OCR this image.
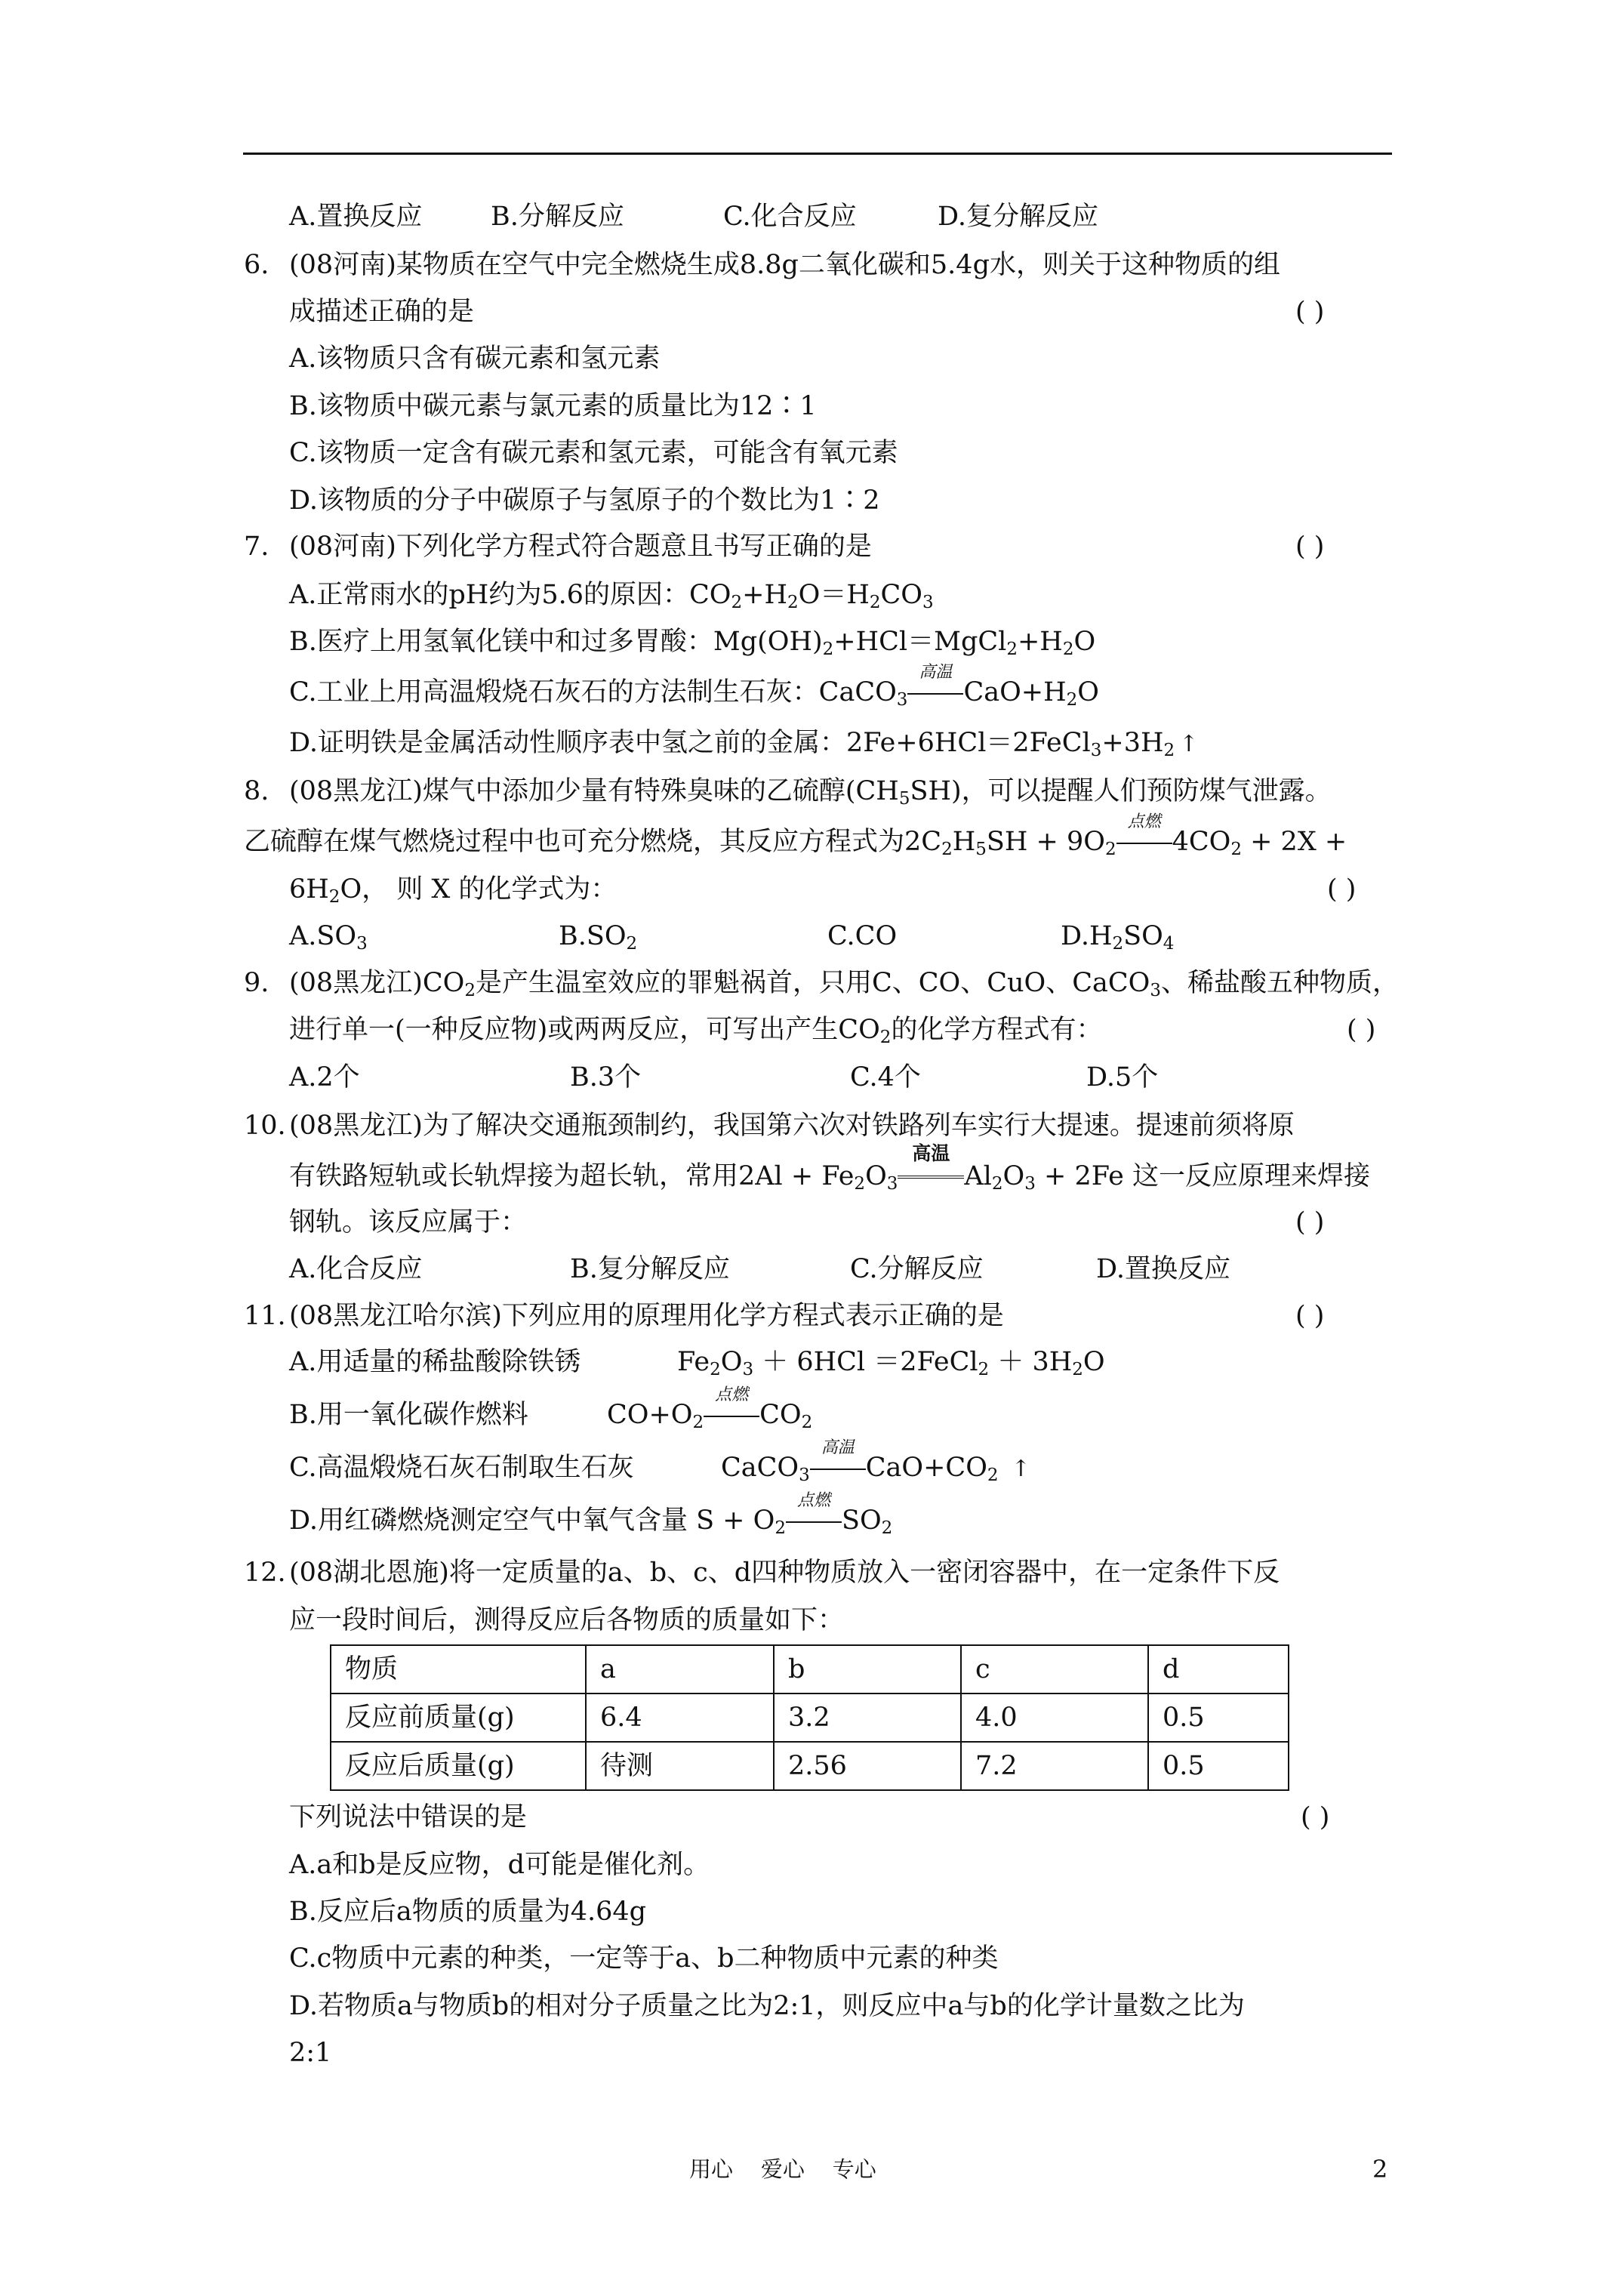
A.置换反应	B.分解反应	C.化合反应	D.复分解反应
6. (08河南)某物质在空气中完全燃烧生成8.8g二氧化碳和5.4g水，则关于这种物质的组
成描述正确的是	( )
A.该物质只含有碳元素和氢元素
B.该物质中碳元素与氯元素的质量比为12∶1
C.该物质一定含有碳元素和氢元素，可能含有氧元素
D.该物质的分子中碳原子与氢原子的个数比为1∶2
7. (08河南)下列化学方程式符合题意且书写正确的是	( )
A.正常雨水的pH约为5.6的原因：$CO_2+H_2O=H_2CO_3$
B.医疗上用氢氧化镁中和过多胃酸：$Mg(OH)_2+HCl=MgCl_2+H_2O$
C.工业上用高温煅烧石灰石的方法制生石灰：CaCO$_3$
高温
$CaO+H_2O$
D.证明铁是金属活动性顺序表中氢之前的金属：$2Fe+6HCl=2FeCl_3+3H_2$ ↑
8. (08黑龙江)煤气中添加少量有特殊臭味的乙硫醇$(CH_5SH)$，可以提醒人们预防煤气泄露。
乙硫醇在煤气燃烧过程中也可充分燃烧，其反应方程式为$2C_2H_5SH + 9O_2$
点燃
$4CO_2 + 2X$ +
$6H_2O$， 则 X 的化学式为：	( )
$A.SO_3$	$B.SO_2$	C.CO	$D.H_2SO_4$
9. (08黑龙江)$CO_2$是产生温室效应的罪魁祸首，只用C、CO、CuO、CaCO$_3$、稀盐酸五种物质，
进行单一(一种反应物)或两两反应，可写出产生$CO_2$的化学方程式有：	( )
A.2个	B.3个	C.4个	D.5个
10. (08黑龙江)为了解决交通瓶颈制约，我国第六次对铁路列车实行大提速。提速前须将原
有铁路短轨或长轨焊接为超长轨，常用$2Al + Fe_2O_3$
高温
$Al_2O_3 + 2Fe$ 这一反应原理来焊接
钢轨。该反应属于：	( )
A.化合反应	B.复分解反应	C.分解反应	D.置换反应
11. (08黑龙江哈尔滨)下列应用的原理用化学方程式表示正确的是	( )
A.用适量的稀盐酸除铁锈	$Fe_2O_3 + 6HCl$ ＝2FeCl$_2$ ＋ $3H_2O$
B.用一氧化碳作燃料	$CO+O_2$
点燃
$CO_2$
C.高温煅烧石灰石制取生石灰	CaCO$_3$
高温
$CaO+CO_2$ ↑
D.用红磷燃烧测定空气中氧气含量 $S + O_2$
点燃
$SO_2$
12. (08湖北恩施)将一定质量的a、b、c、d四种物质放入一密闭容器中，在一定条件下反
应一段时间后，测得反应后各物质的质量如下：
物质	a	b	c	d
反应前质量(g)	6.4	3.2	4.0	0.5
反应后质量(g)	待测	2.56	7.2	0.5
下列说法中错误的是	( )
A.a和b是反应物，d可能是催化剂。
B.反应后a物质的质量为4.64g
C.c物质中元素的种类，一定等于a、b二种物质中元素的种类
D.若物质a与物质b的相对分子质量之比为2:1，则反应中a与b的化学计量数之比为
2:1
用心    爱心    专心	2
